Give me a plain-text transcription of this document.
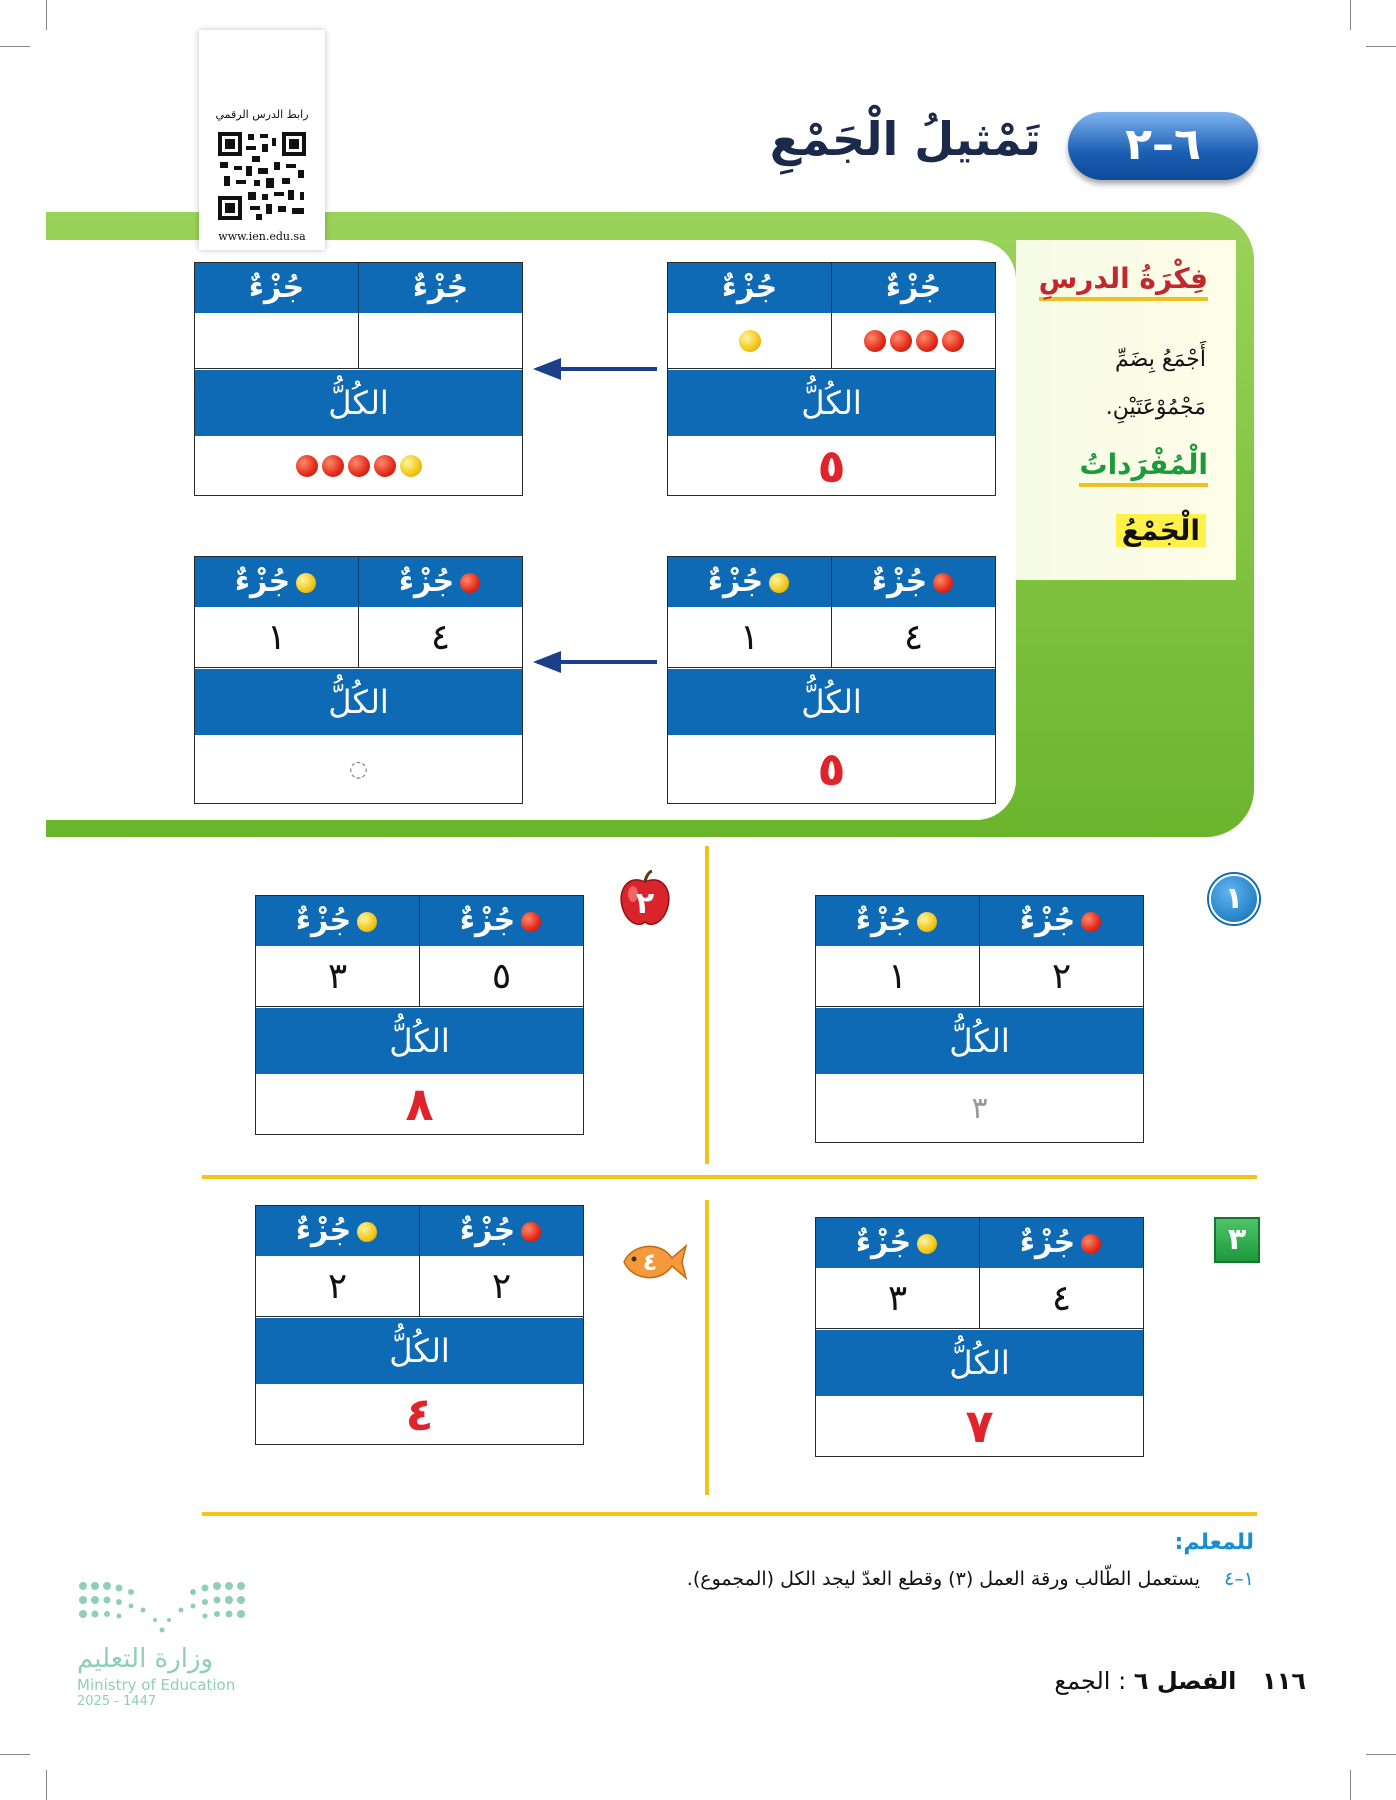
٦–٢
تَمْثيلُ الْجَمْعِ
رابط الدرس الرقمي
www.ien.edu.sa
فِكْرَةُ الدرسِ
أَجْمَعُ بِضَمِّ مَجْمُوْعَتَيْنِ.
الْمُفْرَداتُ
الْجَمْعُ
جُزْءٌ
جُزْءٌ
الكُلُّ
٥
جُزْءٌ
جُزْءٌ
الكُلُّ
جُزْءٌ
جُزْءٌ
٤
١
الكُلُّ
٥
جُزْءٌ
جُزْءٌ
٤
١
الكُلُّ
◌
١
جُزْءٌ
جُزْءٌ
٢
١
الكُلُّ
٣
٢
جُزْءٌ
جُزْءٌ
٥
٣
الكُلُّ
٨
٣
جُزْءٌ
جُزْءٌ
٤
٣
الكُلُّ
٧
٤
جُزْءٌ
جُزْءٌ
٢
٢
الكُلُّ
٤
للمعلم:
١–٤ يستعمل الطّالب ورقة العمل (٣) وقطع العدّ ليجد الكل (المجموع).
وزارة التعليم
Ministry of Education
2025 - 1447
١١٦ الفصل ٦ : الجمع
